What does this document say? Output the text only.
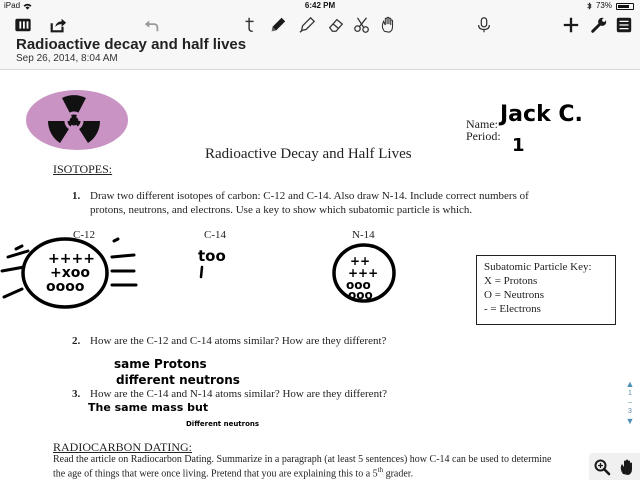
iPad	6:42 PM	73%
Radioactive decay and half lives
Sep 26, 2014, 8:04 AM
Radioactive Decay and Half Lives
Name:
Period:
Jack C.
1
ISOTOPES:
1. Draw two different isotopes of carbon: C-12 and C-14. Also draw N-14. Include correct numbers of
protons, neutrons, and electrons. Use a key to show which subatomic particle is which.
C-12	C-14	N-14
++++
+xoo
oooo
too	++
+++
ooo
ooo
Subatomic Particle Key:
X = Protons
O = Neutrons
- = Electrons
2. How are the C-12 and C-14 atoms similar? How are they different?
same Protons
different neutrons
3. How are the C-14 and N-14 atoms similar? How are they different?
The same mass but
Different neutrons
RADIOCARBON DATING:
Read the article on Radiocarbon Dating. Summarize in a paragraph (at least 5 sentences) how C-14 can be used to determine
the age of things that were once living. Pretend that you are explaining this to a 5th grader.
▲
1
–
3
▼
